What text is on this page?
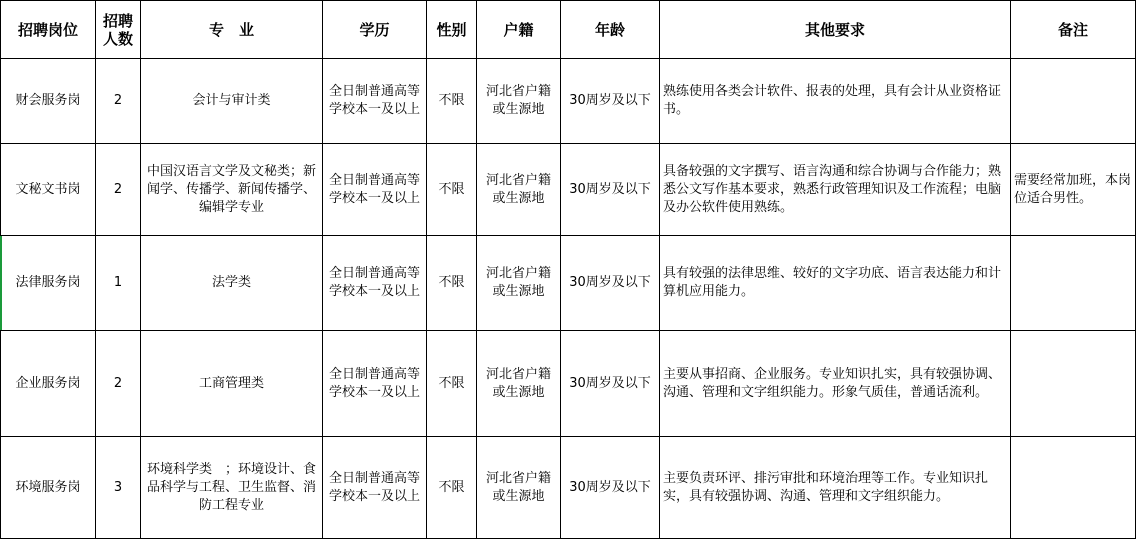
招聘岗位	招聘人数	专　业	学历	性别	户籍	年龄	其他要求	备注
财会服务岗	2	会计与审计类	全日制普通高等学校本一及以上	不限	河北省户籍或生源地	30周岁及以下	熟练使用各类会计软件、报表的处理，具有会计从业资格证书。	
文秘文书岗	2	中国汉语言文学及文秘类；新闻学、传播学、新闻传播学、编辑学专业	全日制普通高等学校本一及以上	不限	河北省户籍或生源地	30周岁及以下	具备较强的文字撰写、语言沟通和综合协调与合作能力；熟悉公文写作基本要求，熟悉行政管理知识及工作流程；电脑及办公软件使用熟练。	需要经常加班，本岗位适合男性。
法律服务岗	1	法学类	全日制普通高等学校本一及以上	不限	河北省户籍或生源地	30周岁及以下	具有较强的法律思维、较好的文字功底、语言表达能力和计算机应用能力。	
企业服务岗	2	工商管理类	全日制普通高等学校本一及以上	不限	河北省户籍或生源地	30周岁及以下	主要从事招商、企业服务。专业知识扎实，具有较强协调、沟通、管理和文字组织能力。形象气质佳，普通话流利。	
环境服务岗	3	环境科学类　；环境设计、食品科学与工程、卫生监督、消防工程专业	全日制普通高等学校本一及以上	不限	河北省户籍或生源地	30周岁及以下	主要负责环评、排污审批和环境治理等工作。专业知识扎实，具有较强协调、沟通、管理和文字组织能力。	
